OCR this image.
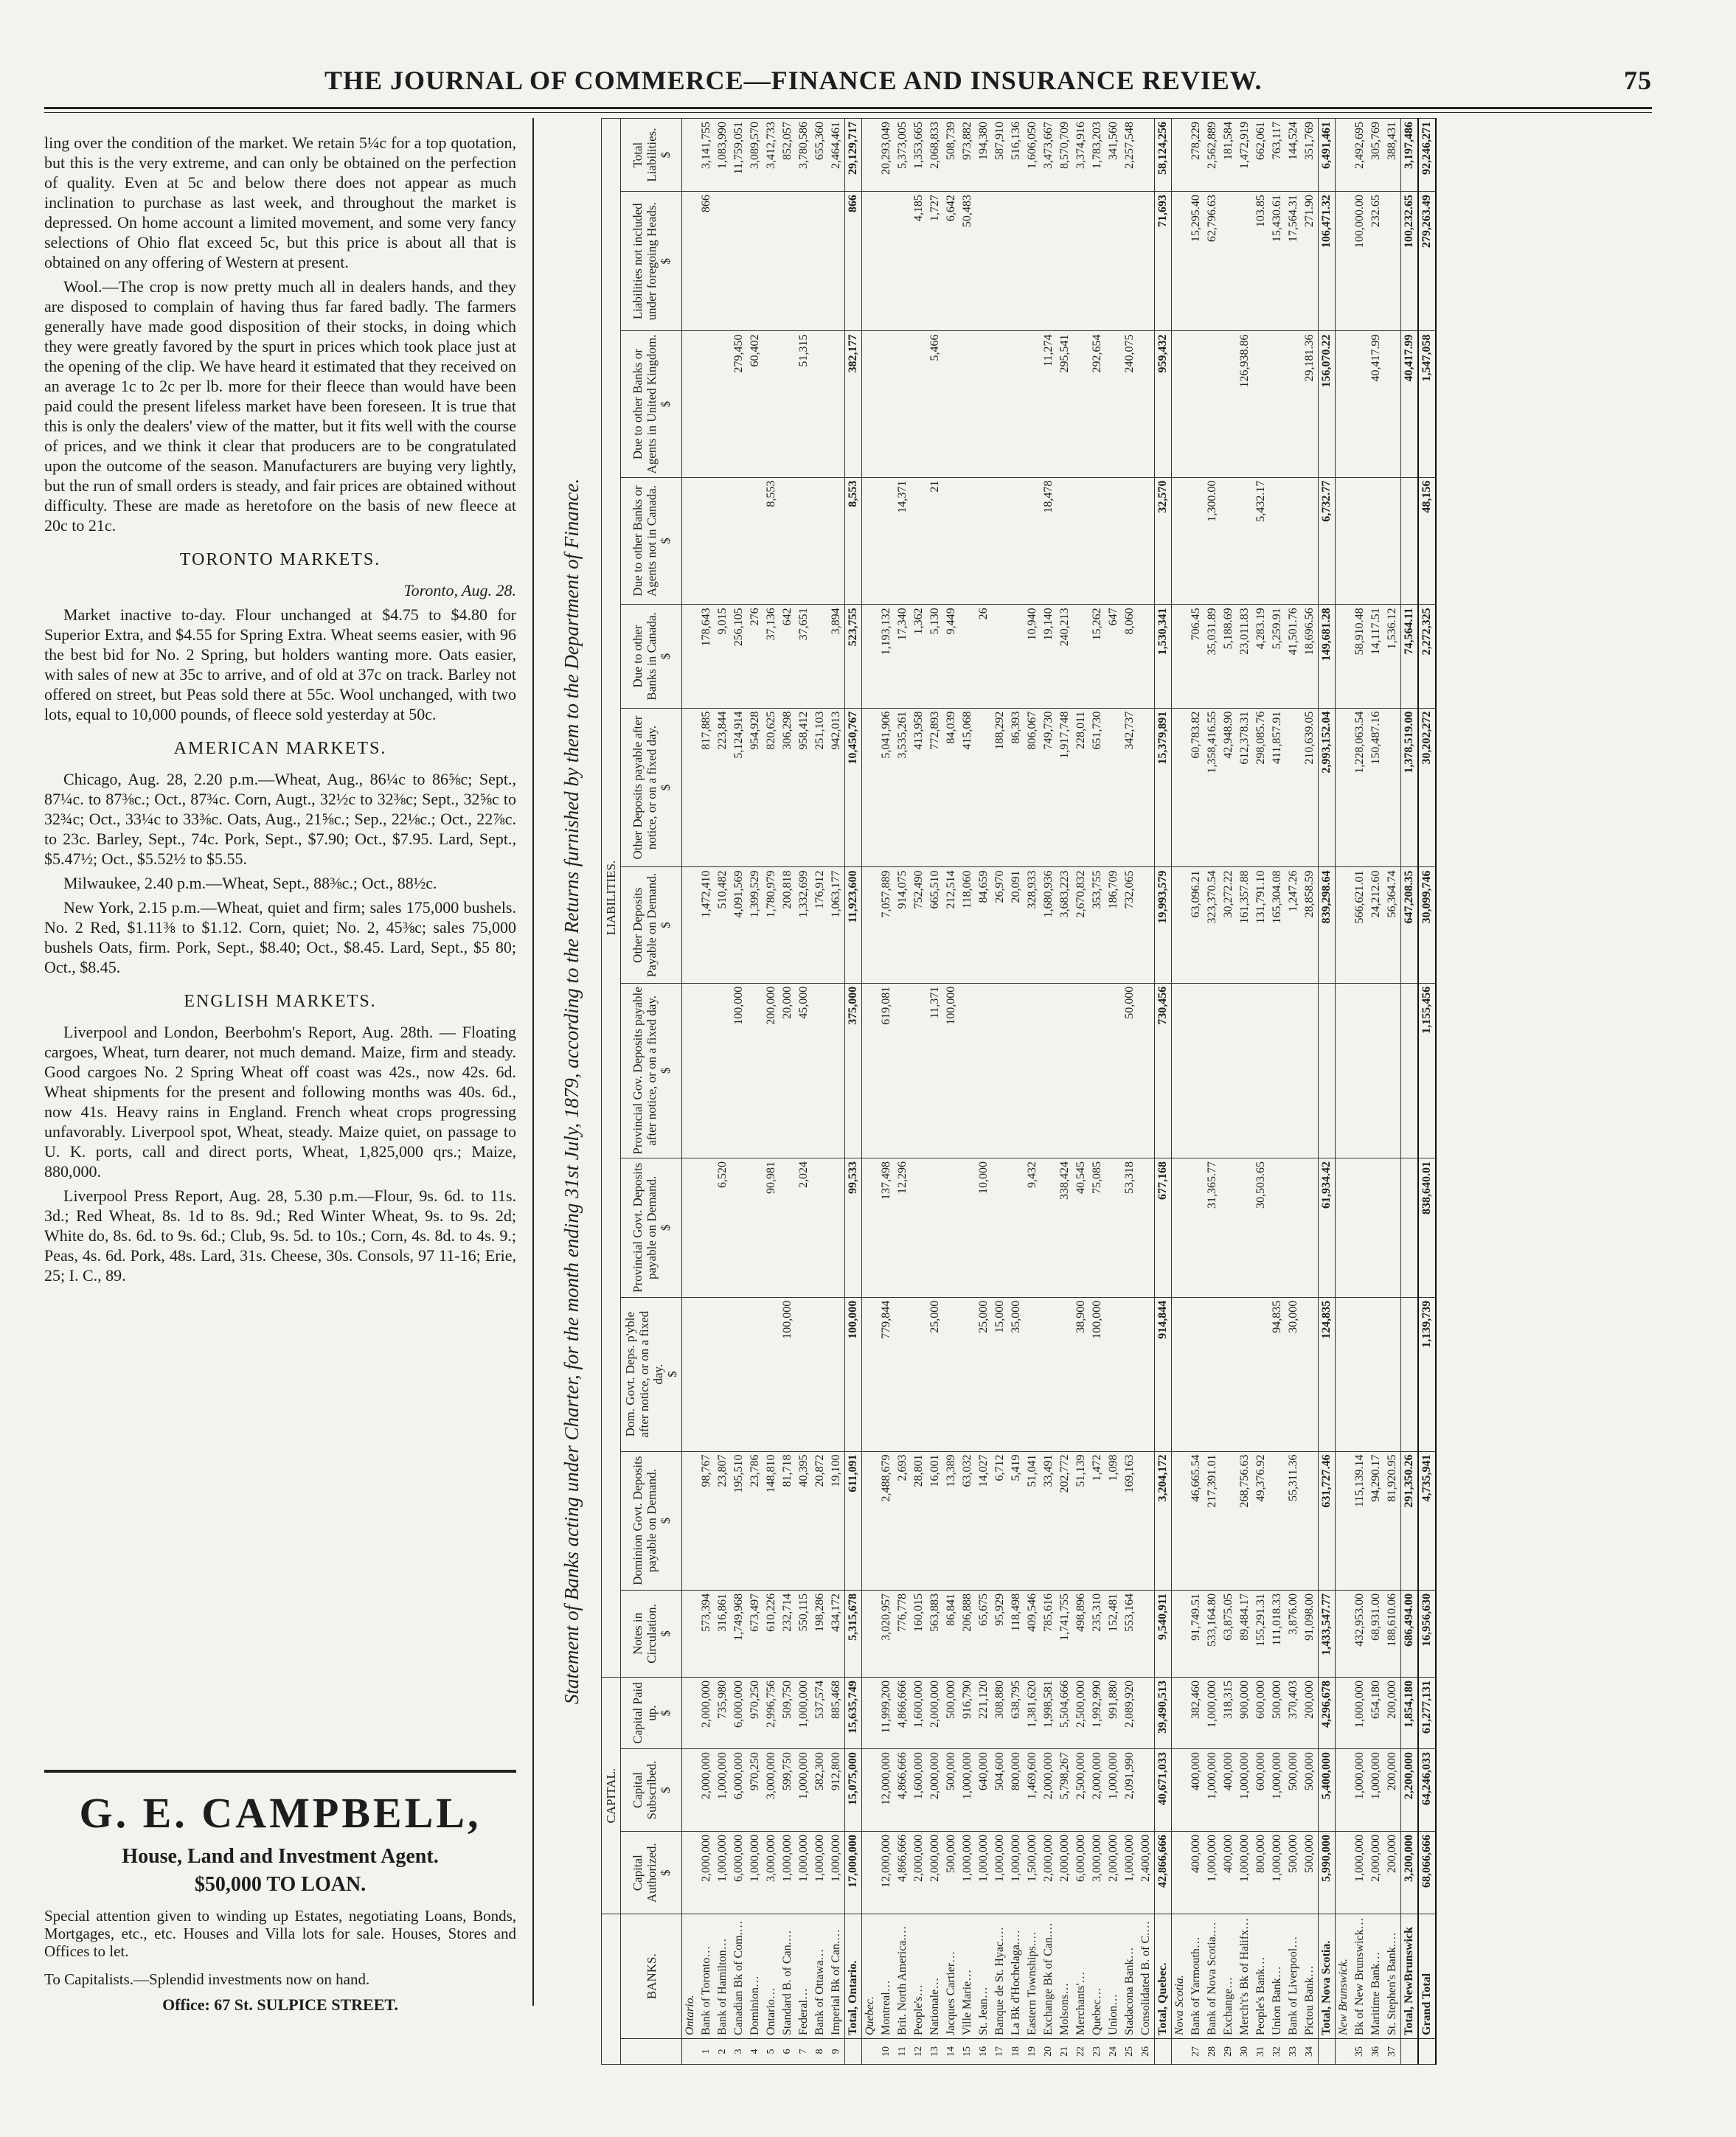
THE JOURNAL OF COMMERCE—FINANCE AND INSURANCE REVIEW.	75

ling over the condition of the market. We retain 5¼c for a top quotation, but this is the very extreme, and can only be obtained on the perfection of quality. Even at 5c and below there does not appear as much inclination to purchase as last week, and throughout the market is depressed. On home account a limited movement, and some very fancy selections of Ohio flat exceed 5c, but this price is about all that is obtained on any offering of Western at present.

Wool.—The crop is now pretty much all in dealers hands, and they are disposed to complain of having thus far fared badly. The farmers generally have made good disposition of their stocks, in doing which they were greatly favored by the spurt in prices which took place just at the opening of the clip. We have heard it estimated that they received on an average 1c to 2c per lb. more for their fleece than would have been paid could the present lifeless market have been foreseen. It is true that this is only the dealers' view of the matter, but it fits well with the course of prices, and we think it clear that producers are to be congratulated upon the outcome of the season. Manufacturers are buying very lightly, but the run of small orders is steady, and fair prices are obtained without difficulty. These are made as heretofore on the basis of new fleece at 20c to 21c.

TORONTO MARKETS.

Toronto, Aug. 28.

Market inactive to-day. Flour unchanged at $4.75 to $4.80 for Superior Extra, and $4.55 for Spring Extra. Wheat seems easier, with 96 the best bid for No. 2 Spring, but holders wanting more. Oats easier, with sales of new at 35c to arrive, and of old at 37c on track. Barley not offered on street, but Peas sold there at 55c. Wool unchanged, with two lots, equal to 10,000 pounds, of fleece sold yesterday at 50c.

AMERICAN MARKETS.

Chicago, Aug. 28, 2.20 p.m.—Wheat, Aug., 86¼c to 86⅝c; Sept., 87¼c. to 87⅜c.; Oct., 87¾c. Corn, Augt., 32½c to 32⅜c; Sept., 32⅝c to 32¾c; Oct., 33¼c to 33⅜c. Oats, Aug., 21⅝c.; Sep., 22⅛c.; Oct., 22⅞c. to 23c. Barley, Sept., 74c. Pork, Sept., $7.90; Oct., $7.95. Lard, Sept., $5.47½; Oct., $5.52½ to $5.55.

Milwaukee, 2.40 p.m.—Wheat, Sept., 88⅜c.; Oct., 88½c.

New York, 2.15 p.m.—Wheat, quiet and firm; sales 175,000 bushels. No. 2 Red, $1.11⅜ to $1.12. Corn, quiet; No. 2, 45⅜c; sales 75,000 bushels Oats, firm. Pork, Sept., $8.40; Oct., $8.45. Lard, Sept., $5 80; Oct., $8.45.

ENGLISH MARKETS.

Liverpool and London, Beerbohm's Report, Aug. 28th. — Floating cargoes, Wheat, turn dearer, not much demand. Maize, firm and steady. Good cargoes No. 2 Spring Wheat off coast was 42s., now 42s. 6d. Wheat shipments for the present and following months was 40s. 6d., now 41s. Heavy rains in England. French wheat crops progressing unfavorably. Liverpool spot, Wheat, steady. Maize quiet, on passage to U. K. ports, call and direct ports, Wheat, 1,825,000 qrs.; Maize, 880,000.

Liverpool Press Report, Aug. 28, 5.30 p.m.—Flour, 9s. 6d. to 11s. 3d.; Red Wheat, 8s. 1d to 8s. 9d.; Red Winter Wheat, 9s. to 9s. 2d; White do, 8s. 6d. to 9s. 6d.; Club, 9s. 5d. to 10s.; Corn, 4s. 8d. to 4s. 9.; Peas, 4s. 6d. Pork, 48s. Lard, 31s. Cheese, 30s. Consols, 97 11-16; Erie, 25; I. C., 89.

G. E. CAMPBELL,
House, Land and Investment Agent.
$50,000 TO LOAN.
Special attention given to winding up Estates, negotiating Loans, Bonds, Mortgages, etc., etc. Houses and Villa lots for sale. Houses, Stores and Offices to let.
To Capitalists.—Splendid investments now on hand.
Office: 67 St. SULPICE STREET.
Statement of Banks acting under Charter, for the month ending 31st July, 1879, according to the Returns furnished by them to the Department of Finance.
		CAPITAL.			LIABILITIES.											
	BANKS.	Capital Authorized. $	Capital Subscribed. $	Capital Paid up. $	Notes in Circulation. $	Dominion Govt. Deposits payable on Demand. $	Dom. Govt. Deps. p'yble after notice, or on a fixed day. $	Provincial Govt. Deposits payable on Demand. $	Provincial Gov. Deposits payable after notice, or on a fixed day. $	Other Deposits Payable on Demand. $	Other Deposits payable after notice, or on a fixed day. $	Due to other Banks in Canada. $	Due to other Banks or Agents not in Canada. $	Due to other Banks or Agents in United Kingdom. $	Liabilities not included under foregoing Heads. $	Total Liabilities. $

	Ontario.															
1	Bank of Toronto…	2,000,000	2,000,000	2,000,000	573,394	98,767				1,472,410	817,885	178,643			866	3,141,755
2	Bank of Hamilton…	1,000,000	1,000,000	735,980	316,861	23,807		6,520		510,482	223,844	9,015				1,083,990
3	Canadian Bk of Com.…	6,000,000	6,000,000	6,000,000	1,749,968	195,510			100,000	4,091,569	5,124,914	256,105		279,450		11,759,051
4	Dominion…	1,000,000	970,250	970,250	673,497	23,786				1,399,529	954,928	276		60,402		3,089,570
5	Ontario…	3,000,000	3,000,000	2,996,756	610,226	148,810		90,981	200,000	1,780,979	820,625	37,136	8,553			3,412,733
6	Standard B. of Can.…	1,000,000	599,750	509,750	232,714	81,718	100,000		20,000	200,818	306,298	642				852,057
7	Federal…	1,000,000	1,000,000	1,000,000	550,115	40,395		2,024	45,000	1,332,699	958,412	37,651		51,315		3,780,586
8	Bank of Ottawa…	1,000,000	582,300	537,574	198,286	20,872				176,912	251,103					655,360
9	Imperial Bk of Can.…	1,000,000	912,800	885,468	434,172	19,100				1,063,177	942,013	3,894				2,464,461
	Total, Ontario.	17,000,000	15,075,000	15,635,749	5,315,678	611,091	100,000	99,533	375,000	11,923,600	10,450,767	523,755	8,553	382,177	866	29,129,717
	Quebec.															
10	Montreal…	12,000,000	12,000,000	11,999,200	3,020,957	2,488,679	779,844	137,498	619,081	7,057,889	5,041,906	1,193,132				20,293,049
11	Brit. North America.…	4,866,666	4,866,666	4,866,666	776,778	2,693		12,296		914,075	3,535,261	17,340	14,371			5,373,005
12	People's…	2,000,000	1,600,000	1,600,000	160,015	28,801				752,490	413,958	1,362			4,185	1,353,665
13	Nationale…	2,000,000	2,000,000	2,000,000	563,883	16,001	25,000		11,371	665,510	772,893	5,130	21	5,466	1,727	2,068,833
14	Jacques Cartier…	500,000	500,000	500,000	86,841	13,389			100,000	212,514	84,039	9,449			6,642	508,739
15	Ville Marie…	1,000,000	1,000,000	916,790	206,888	63,032				118,060	415,068				50,483	973,882
16	St. Jean…	1,000,000	640,000	221,120	65,675	14,027	25,000	10,000		84,659		26				194,380
17	Banque de St. Hyac.…	1,000,000	504,600	308,880	95,929	6,712	15,000			26,970	188,292					587,910
18	La Bk d'Hochelaga.…	1,000,000	800,000	638,795	118,498	5,419	35,000			20,091	86,393					516,136
19	Eastern Townships.…	1,500,000	1,469,600	1,381,620	409,546	51,041		9,432		328,933	806,067	10,940				1,606,050
20	Exchange Bk of Can.…	2,000,000	2,000,000	1,998,581	785,616	33,491				1,680,936	749,730	19,140	18,478	11,274		3,473,667
21	Molsons…	2,000,000	5,798,267	5,504,666	1,741,755	202,772		338,424		3,683,223	1,917,748	240,213		295,541		8,570,709
22	Merchants'…	6,000,000	2,500,000	2,500,000	498,896	51,139	38,900	40,545		2,670,832	228,011					3,374,916
23	Quebec…	3,000,000	2,000,000	1,992,990	235,310	1,472	100,000	75,085		353,755	651,730	15,262		292,654		1,783,203
24	Union…	2,000,000	1,000,000	991,880	152,481	1,098				186,709		647				341,560
25	Stadacona Bank…	1,000,000	2,091,990	2,089,920	553,164	169,163		53,318	50,000	732,065	342,737	8,060		240,075		2,257,548
26	Consolidated B. of C.…	2,400,000														
	Total, Quebec.	42,866,666	40,671,033	39,490,513	9,540,911	3,204,172	914,844	677,168	730,456	19,993,579	15,379,891	1,530,341	32,570	959,432	71,693	58,124,256
	Nova Scotia.															
27	Bank of Yarmouth…	400,000	400,000	382,460	91,749.51	46,665.54				63,096.21	60,783.82	706.45			15,295.40	278,229
28	Bank of Nova Scotia.…	1,000,000	1,000,000	1,000,000	533,164.80	217,391.01		31,365.77		323,370.54	1,358,416.55	35,031.89	1,300.00		62,796.63	2,562,889
29	Exchange…	400,000	400,000	318,315	63,875.05					30,272.22	42,948.90	5,188.69				181,584
30	Merch't's Bk of Halifx…	1,000,000	1,000,000	900,000	89,484.17	268,756.63				161,357.88	612,378.31	23,011.83		126,938.86		1,472,919
31	People's Bank…	800,000	600,000	600,000	155,291.31	49,376.92		30,503.65		131,791.10	298,085.76	4,283.19	5,432.17		103.85	662,061
32	Union Bank…	1,000,000	1,000,000	500,000	111,018.33		94,835			165,304.08	411,857.91	5,259.91			15,430.61	763,117
33	Bank of Liverpool…	500,000	500,000	370,403	3,876.00	55,311.36	30,000			1,247.26		41,501.76			17,564.31	144,524
34	Pictou Bank…	500,000	500,000	200,000	91,098.00					28,858.59	210,639.05	18,696.56		29,181.36	271.90	351,769
	Total, Nova Scotia.	5,990,000	5,400,000	4,296,678	1,433,547.77	631,727.46	124,835	61,934.42		839,298.64	2,993,152.04	149,681.28	6,732.77	156,070.22	106,471.32	6,491,461
	New Brunswick.															
35	Bk of New Brunswick…	1,000,000	1,000,000	1,000,000	432,953.00	115,139.14				566,621.01	1,228,063.54	58,910.48			100,000.00	2,492,695
36	Maritime Bank…	2,000,000	1,000,000	654,180	68,931.00	94,290.17				24,212.60	150,487.16	14,117.51		40,417.99	232.65	305,769
37	St. Stephen's Bank.…	200,000	200,000	200,000	188,610.06	81,920.95				56,364.74		1,536.12				388,431
	Total, NewBrunswick	3,200,000	2,200,000	1,854,180	686,494.00	291,350.26				647,208.35	1,378,519.00	74,564.11		40,417.99	100,232.65	3,197,486
	Grand Total	68,066,666	64,246,033	61,277,131	16,956,630	4,735,941	1,139,739	838,640.01	1,155,456	30,099,746	30,202,272	2,272,325	48,156	1,547,058	279,263.49	92,246,271
